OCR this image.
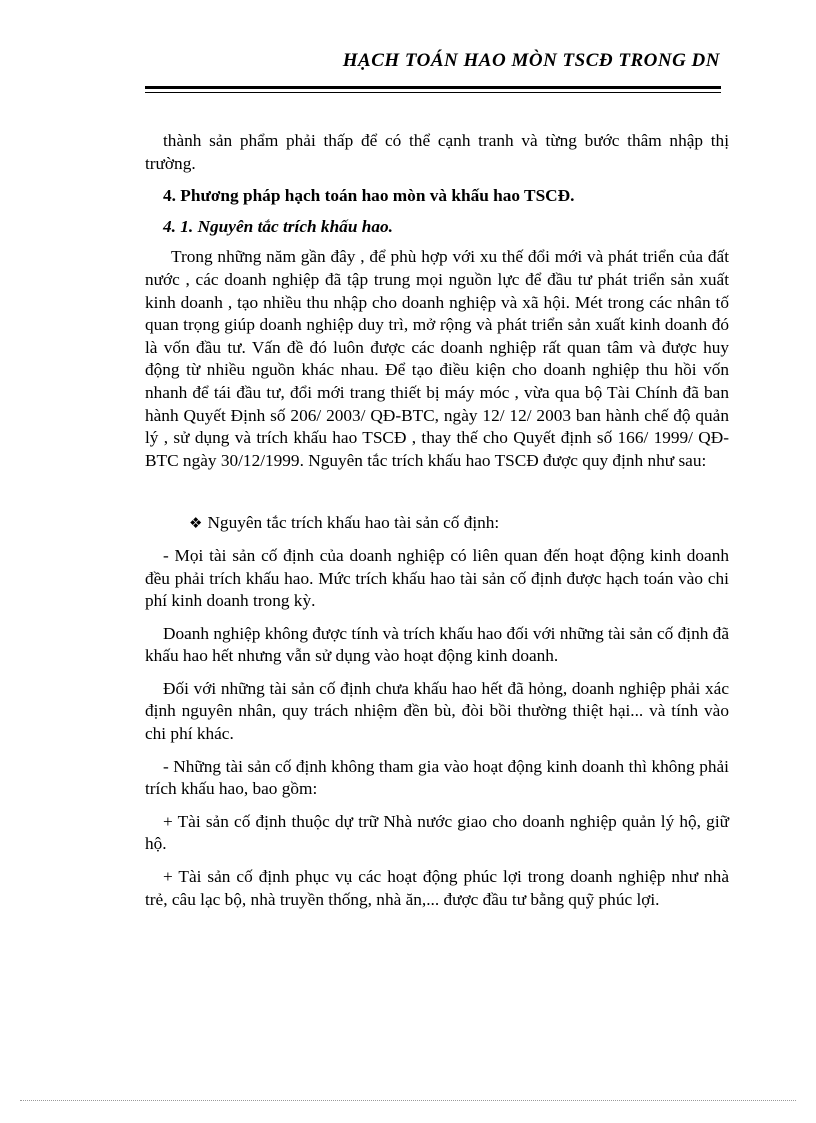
HẠCH TOÁN HAO MÒN TSCĐ TRONG DN

thành sản phẩm phải thấp để có thể cạnh tranh và từng bước thâm nhập thị trường.

4. Phương pháp hạch toán hao mòn và khấu hao TSCĐ.

4. 1. Nguyên tắc trích khấu hao.

Trong những năm gần đây , để phù hợp với xu thế đổi mới và phát triển của đất nước , các doanh nghiệp đã tập trung mọi nguồn lực để đầu tư phát triển sản xuất kinh doanh , tạo nhiều thu nhập cho doanh nghiệp và xã hội. Mét trong các nhân tố quan trọng giúp doanh nghiệp duy trì, mở rộng và phát triển sản xuất kinh doanh đó là vốn đầu tư. Vấn đề đó luôn được các doanh nghiệp rất quan tâm và được huy động từ nhiều nguồn khác nhau. Để tạo điều kiện cho doanh nghiệp thu hồi vốn nhanh để tái đầu tư, đổi mới trang thiết bị máy móc , vừa qua bộ Tài Chính đã ban hành Quyết Định số 206/ 2003/ QĐ-BTC, ngày 12/ 12/ 2003 ban hành chế độ quản lý , sử dụng và trích khấu hao TSCĐ , thay thế cho Quyết định số 166/ 1999/ QĐ-BTC ngày 30/12/1999. Nguyên tắc trích khấu hao TSCĐ được quy định như sau:

❖ Nguyên tắc trích khấu hao tài sản cố định:

- Mọi tài sản cố định của doanh nghiệp có liên quan đến hoạt động kinh doanh đều phải trích khấu hao. Mức trích khấu hao tài sản cố định được hạch toán vào chi phí kinh doanh trong kỳ.

Doanh nghiệp không được tính và trích khấu hao đối với những tài sản cố định đã khấu hao hết nhưng vẫn sử dụng vào hoạt động kinh doanh.

Đối với những tài sản cố định chưa khấu hao hết đã hỏng, doanh nghiệp phải xác định nguyên nhân, quy trách nhiệm đền bù, đòi bồi thường thiệt hại... và tính vào chi phí khác.

- Những tài sản cố định không tham gia vào hoạt động kinh doanh thì không phải trích khấu hao, bao gồm:

+ Tài sản cố định thuộc dự trữ Nhà nước giao cho doanh nghiệp quản lý hộ, giữ hộ.

+ Tài sản cố định phục vụ các hoạt động phúc lợi trong doanh nghiệp như nhà trẻ, câu lạc bộ, nhà truyền thống, nhà ăn,... được đầu tư bằng quỹ phúc lợi.
